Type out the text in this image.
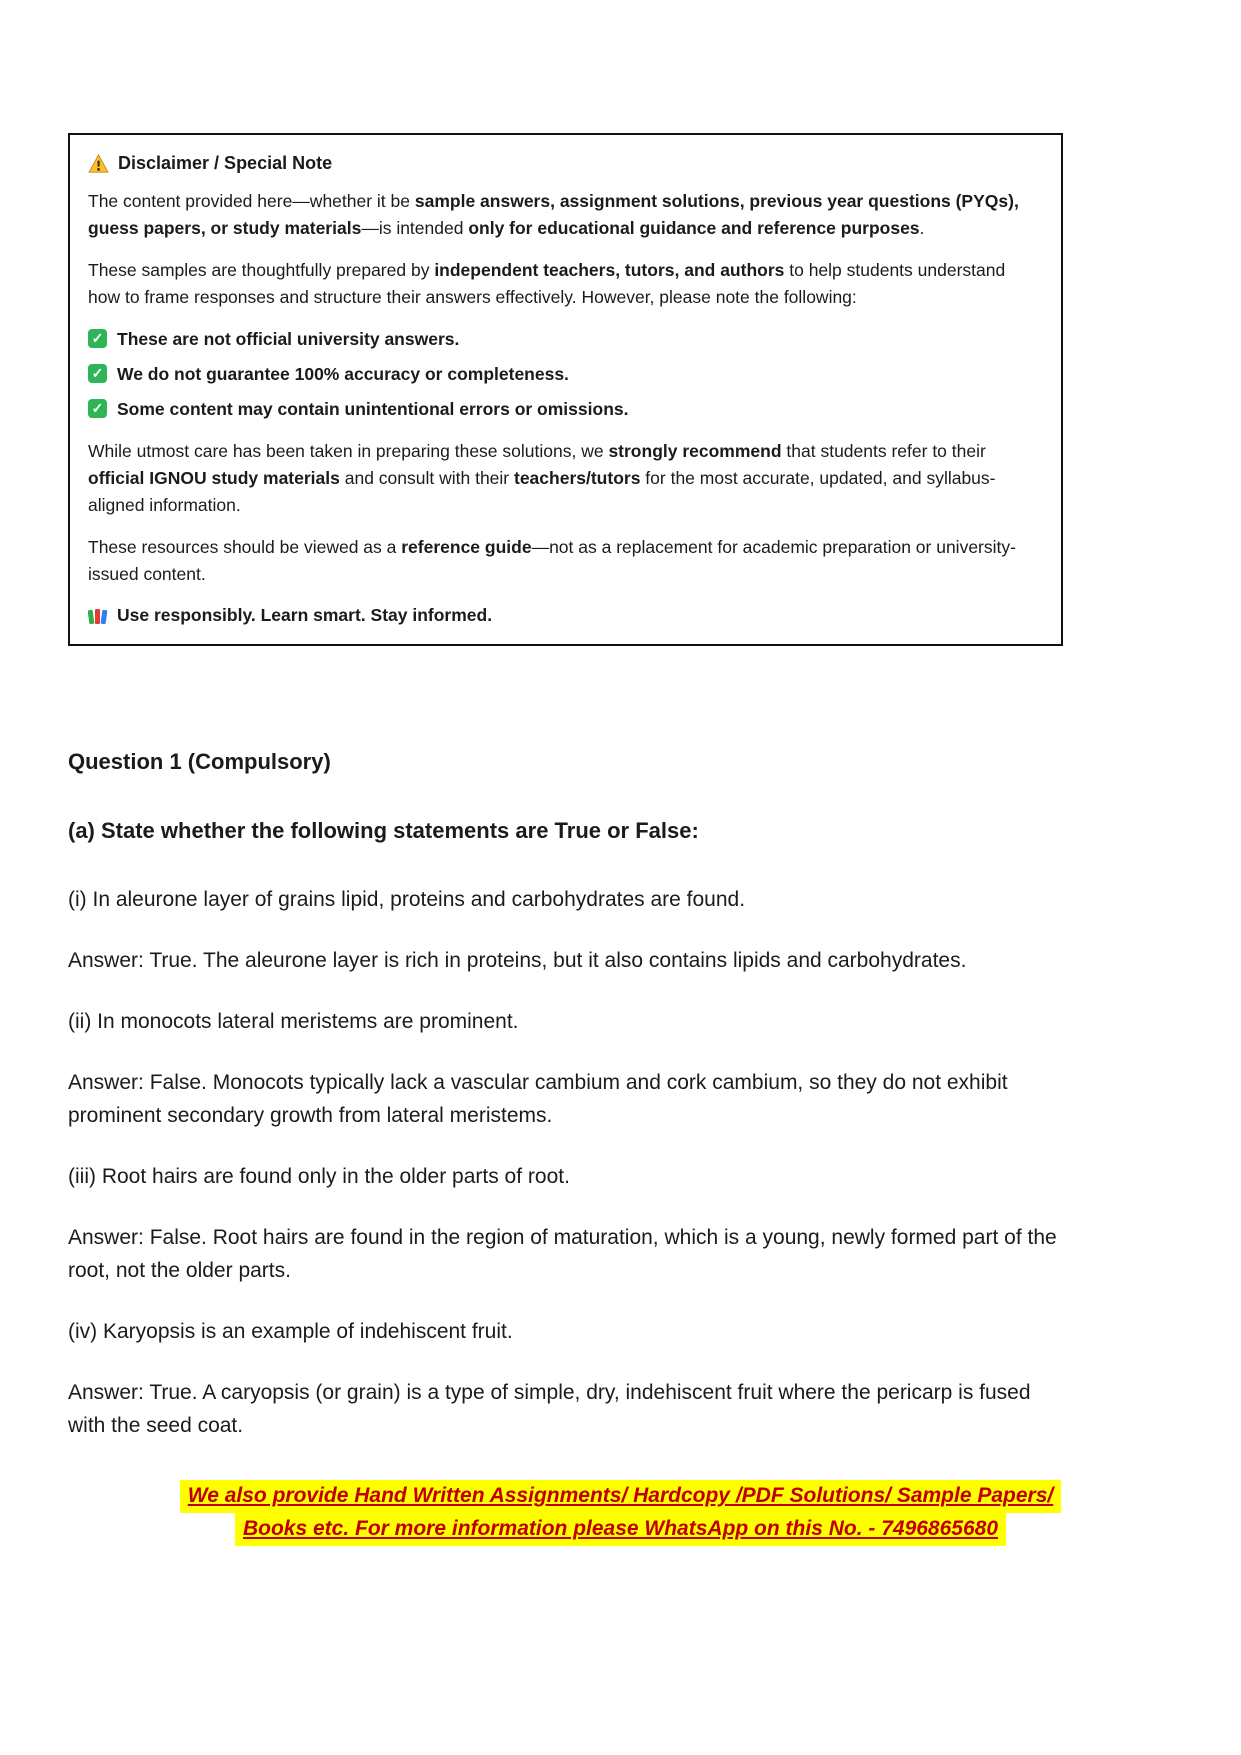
Disclaimer / Special Note

The content provided here—whether it be sample answers, assignment solutions, previous year questions (PYQs), guess papers, or study materials—is intended only for educational guidance and reference purposes.

These samples are thoughtfully prepared by independent teachers, tutors, and authors to help students understand how to frame responses and structure their answers effectively. However, please note the following:

✓ These are not official university answers.
✓ We do not guarantee 100% accuracy or completeness.
✓ Some content may contain unintentional errors or omissions.

While utmost care has been taken in preparing these solutions, we strongly recommend that students refer to their official IGNOU study materials and consult with their teachers/tutors for the most accurate, updated, and syllabus-aligned information.

These resources should be viewed as a reference guide—not as a replacement for academic preparation or university-issued content.

Use responsibly. Learn smart. Stay informed.
Question 1 (Compulsory)
(a) State whether the following statements are True or False:

(i) In aleurone layer of grains lipid, proteins and carbohydrates are found.

Answer: True. The aleurone layer is rich in proteins, but it also contains lipids and carbohydrates.

(ii) In monocots lateral meristems are prominent.

Answer: False. Monocots typically lack a vascular cambium and cork cambium, so they do not exhibit prominent secondary growth from lateral meristems.

(iii) Root hairs are found only in the older parts of root.

Answer: False. Root hairs are found in the region of maturation, which is a young, newly formed part of the root, not the older parts.

(iv) Karyopsis is an example of indehiscent fruit.

Answer: True. A caryopsis (or grain) is a type of simple, dry, indehiscent fruit where the pericarp is fused with the seed coat.

We also provide Hand Written Assignments/ Hardcopy /PDF Solutions/ Sample Papers/
Books etc. For more information please WhatsApp on this No. - 7496865680
